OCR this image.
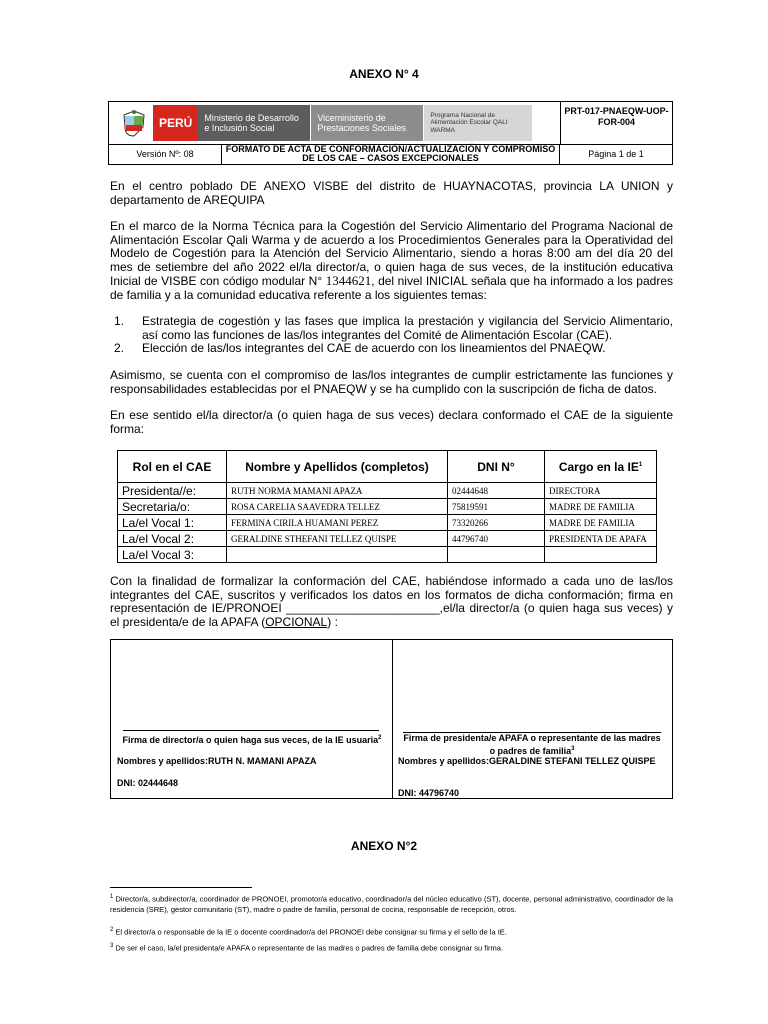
ANEXO N° 4
PERÚ	Ministerio de Desarrollo e Inclusión Social
Viceministerio de Prestaciones Sociales
Programa Nacional de Alimentación Escolar QALI WARMA
PRT-017-PNAEQW-UOP-FOR-004
Versión Nº: 08	FORMATO DE ACTA DE CONFORMACIÓN/ACTUALIZACIÓN Y COMPROMISO DE LOS CAE – CASOS EXCEPCIONALES	Página 1 de 1
En el centro poblado DE ANEXO VISBE del distrito de HUAYNACOTAS, provincia LA UNION y departamento de AREQUIPA
En el marco de la Norma Técnica para la Cogestión del Servicio Alimentario del Programa Nacional de Alimentación Escolar Qali Warma y de acuerdo a los Procedimientos Generales para la Operatividad del Modelo de Cogestión para la Atención del Servicio Alimentario, siendo a horas 8:00 am del día 20 del mes de setiembre del año 2022 el/la director/a, o quien haga de sus veces, de la institución educativa Inicial de VISBE con código modular N° 1344621, del nivel INICIAL señala que ha informado a los padres de familia y a la comunidad educativa referente a los siguientes temas:
1.	Estrategia de cogestión y las fases que implica la prestación y vigilancia del Servicio Alimentario, así como las funciones de las/los integrantes del Comité de Alimentación Escolar (CAE).
2.	Elección de las/los integrantes del CAE de acuerdo con los lineamientos del PNAEQW.
Asimismo, se cuenta con el compromiso de las/los integrantes de cumplir estrictamente las funciones y responsabilidades establecidas por el PNAEQW y se ha cumplido con la suscripción de ficha de datos.
En ese sentido el/la director/a (o quien haga de sus veces) declara conformado el CAE de la siguiente forma:
Rol en el CAE	Nombre y Apellidos (completos)	DNI N°	Cargo en la $IE^1$
Presidenta//e:	RUTH NORMA MAMANI APAZA	02444648	DIRECTORA
Secretaria/o:	ROSA CARELIA SAAVEDRA TELLEZ	75819591	MADRE DE FAMILIA
La/el Vocal 1:	FERMINA CIRILA HUAMANI PEREZ	73320266	MADRE DE FAMILIA
La/el Vocal 2:	GERALDINE STHEFANI TELLEZ QUISPE	44796740	PRESIDENTA DE APAFA
La/el Vocal 3:			
Con la finalidad de formalizar la conformación del CAE, habiéndose informado a cada uno de las/los integrantes del CAE, suscritos y verificados los datos en los formatos de dicha conformación; firma en representación de IE/PRONOEI _______________________,el/la director/a (o quien haga sus veces) y el presidenta/e de la APAFA (OPCIONAL) :
Firma de director/a o quien haga sus veces, de la IE usuaria$^2$
Nombres y apellidos:RUTH N. MAMANI APAZA
DNI: 02444648
Firma de presidenta/e APAFA o representante de las madres o padres de familia$^3$
Nombres y apellidos:GERALDINE STEFANI TELLEZ QUISPE
DNI: 44796740
ANEXO N°2
$^1$ Director/a, subdirector/a, coordinador de PRONOEI, promotor/a educativo, coordinador/a del núcleo educativo (ST), docente, personal administrativo, coordinador de la residencia (SRE), gestor comunitario (ST), madre o padre de familia, personal de cocina, responsable de recepción, otros.
$^2$ El director/a o responsable de la IE o docente coordinador/a del PRONOEI debe consignar su firma y el sello de la IE.
$^3$ De ser el caso, la/el presidenta/e APAFA o representante de las madres o padres de familia debe consignar su firma.
